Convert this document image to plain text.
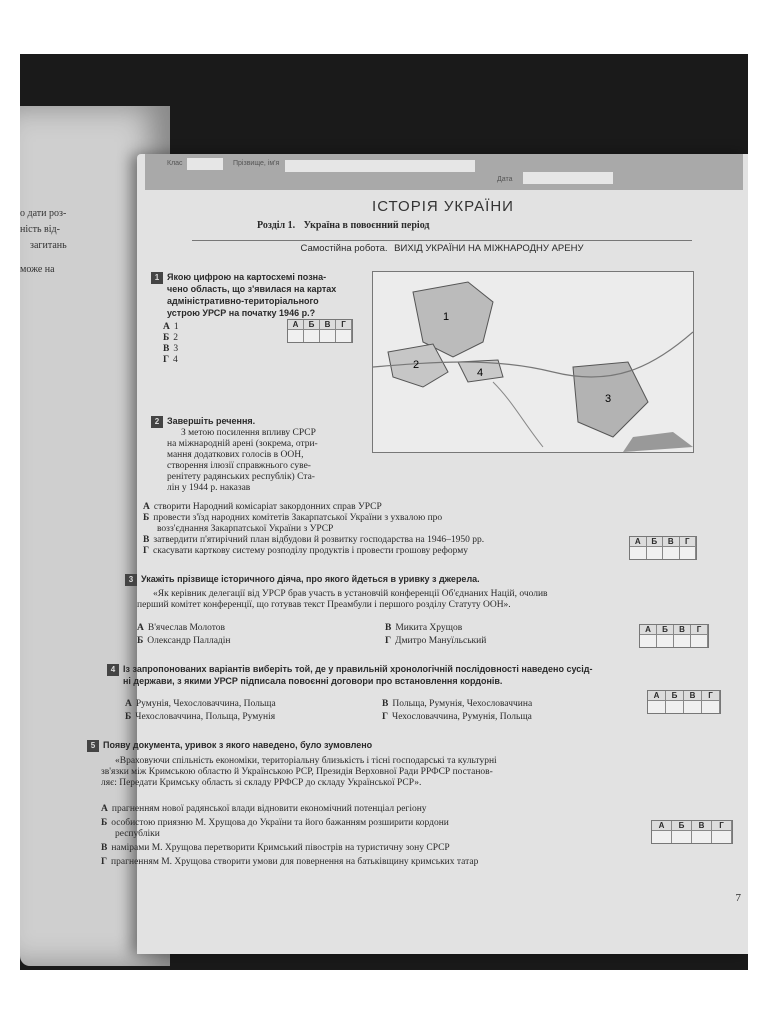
о дати роз-
ність від-
загитань
може на
Клас	Прізвище, ім'я
Дата
ІСТОРІЯ УКРАЇНИ
Розділ 1. Україна в повоєнний період
Самостійна робота. ВИХІД УКРАЇНИ НА МІЖНАРОДНУ АРЕНУ
1 Якою цифрою на картосхемі позна-
чено область, що з'явилася на картах
адміністративно-територіального
устрою УРСР на початку 1946 р.?
А 1
Б 2
В 3
Г 4
А	Б	В	Г
1
2
3
4
2 Завершіть речення.
З метою посилення впливу СРСР
на міжнародній арені (зокрема, отри-
мання додаткових голосів в ООН,
створення ілюзії справжнього суве-
ренітету радянських республік) Ста-
лін у 1944 р. наказав
А створити Народний комісаріат закордонних справ УРСР
Б провести з'їзд народних комітетів Закарпатської України з ухвалою про
возз'єднання Закарпатської України з УРСР
В затвердити п'ятирічний план відбудови й розвитку господарства на 1946–1950 рр.
Г скасувати карткову систему розподілу продуктів і провести грошову реформу
А	Б	В	Г
3 Укажіть прізвище історичного діяча, про якого йдеться в уривку з джерела.
«Як керівник делегації від УРСР брав участь в установчій конференції Об'єднаних Націй, очолив
перший комітет конференції, що готував текст Преамбули і першого розділу Статуту ООН».
А В'ячеслав Молотов	В Микита Хрущов
Б Олександр Палладін	Г Дмитро Мануїльський
А	Б	В	Г
4 Із запропонованих варіантів виберіть той, де у правильній хронологічній послідовності наведено сусід-
ні держави, з якими УРСР підписала повоєнні договори про встановлення кордонів.
А Румунія, Чехословаччина, Польща	В Польща, Румунія, Чехословаччина
Б Чехословаччина, Польща, Румунія	Г Чехословаччина, Румунія, Польща
А	Б	В	Г
5 Появу документа, уривок з якого наведено, було зумовлено
«Враховуючи спільність економіки, територіальну близькість і тісні господарські та культурні
зв'язки між Кримською областю й Українською РСР, Президія Верховної Ради РРФСР постанов-
ляє: Передати Кримську область зі складу РРФСР до складу Української РСР».
А прагненням нової радянської влади відновити економічний потенціал регіону
Б особистою приязню М. Хрущова до України та його бажанням розширити кордони
республіки
В намірами М. Хрущова перетворити Кримський півострів на туристичну зону СРСР
Г прагненням М. Хрущова створити умови для повернення на батьківщину кримських татар
А	Б	В	Г
7
